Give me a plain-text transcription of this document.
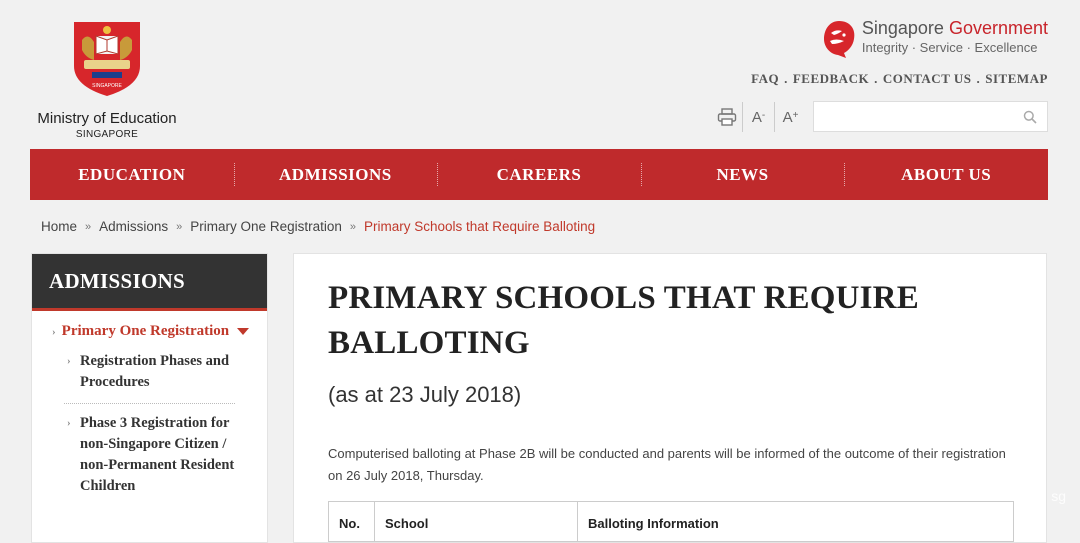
SINGAPORE
Ministry of Education
SINGAPORE
Singapore Government
Integrity · Service · Excellence
FAQ . FEEDBACK . CONTACT US . SITEMAP
A- A+
EDUCATION	ADMISSIONS	CAREERS	NEWS	ABOUT US
Home » Admissions » Primary One Registration » Primary Schools that Require Balloting
ADMISSIONS
› Primary One Registration
› Registration Phases and Procedures
› Phase 3 Registration for non-Singapore Citizen / non-Permanent Resident Children
PRIMARY SCHOOLS THAT REQUIRE BALLOTING
(as at 23 July 2018)

Computerised balloting at Phase 2B will be conducted and parents will be informed of the outcome of their registration on 26 July 2018, Thursday.

No.	School	Balloting Information
sg
